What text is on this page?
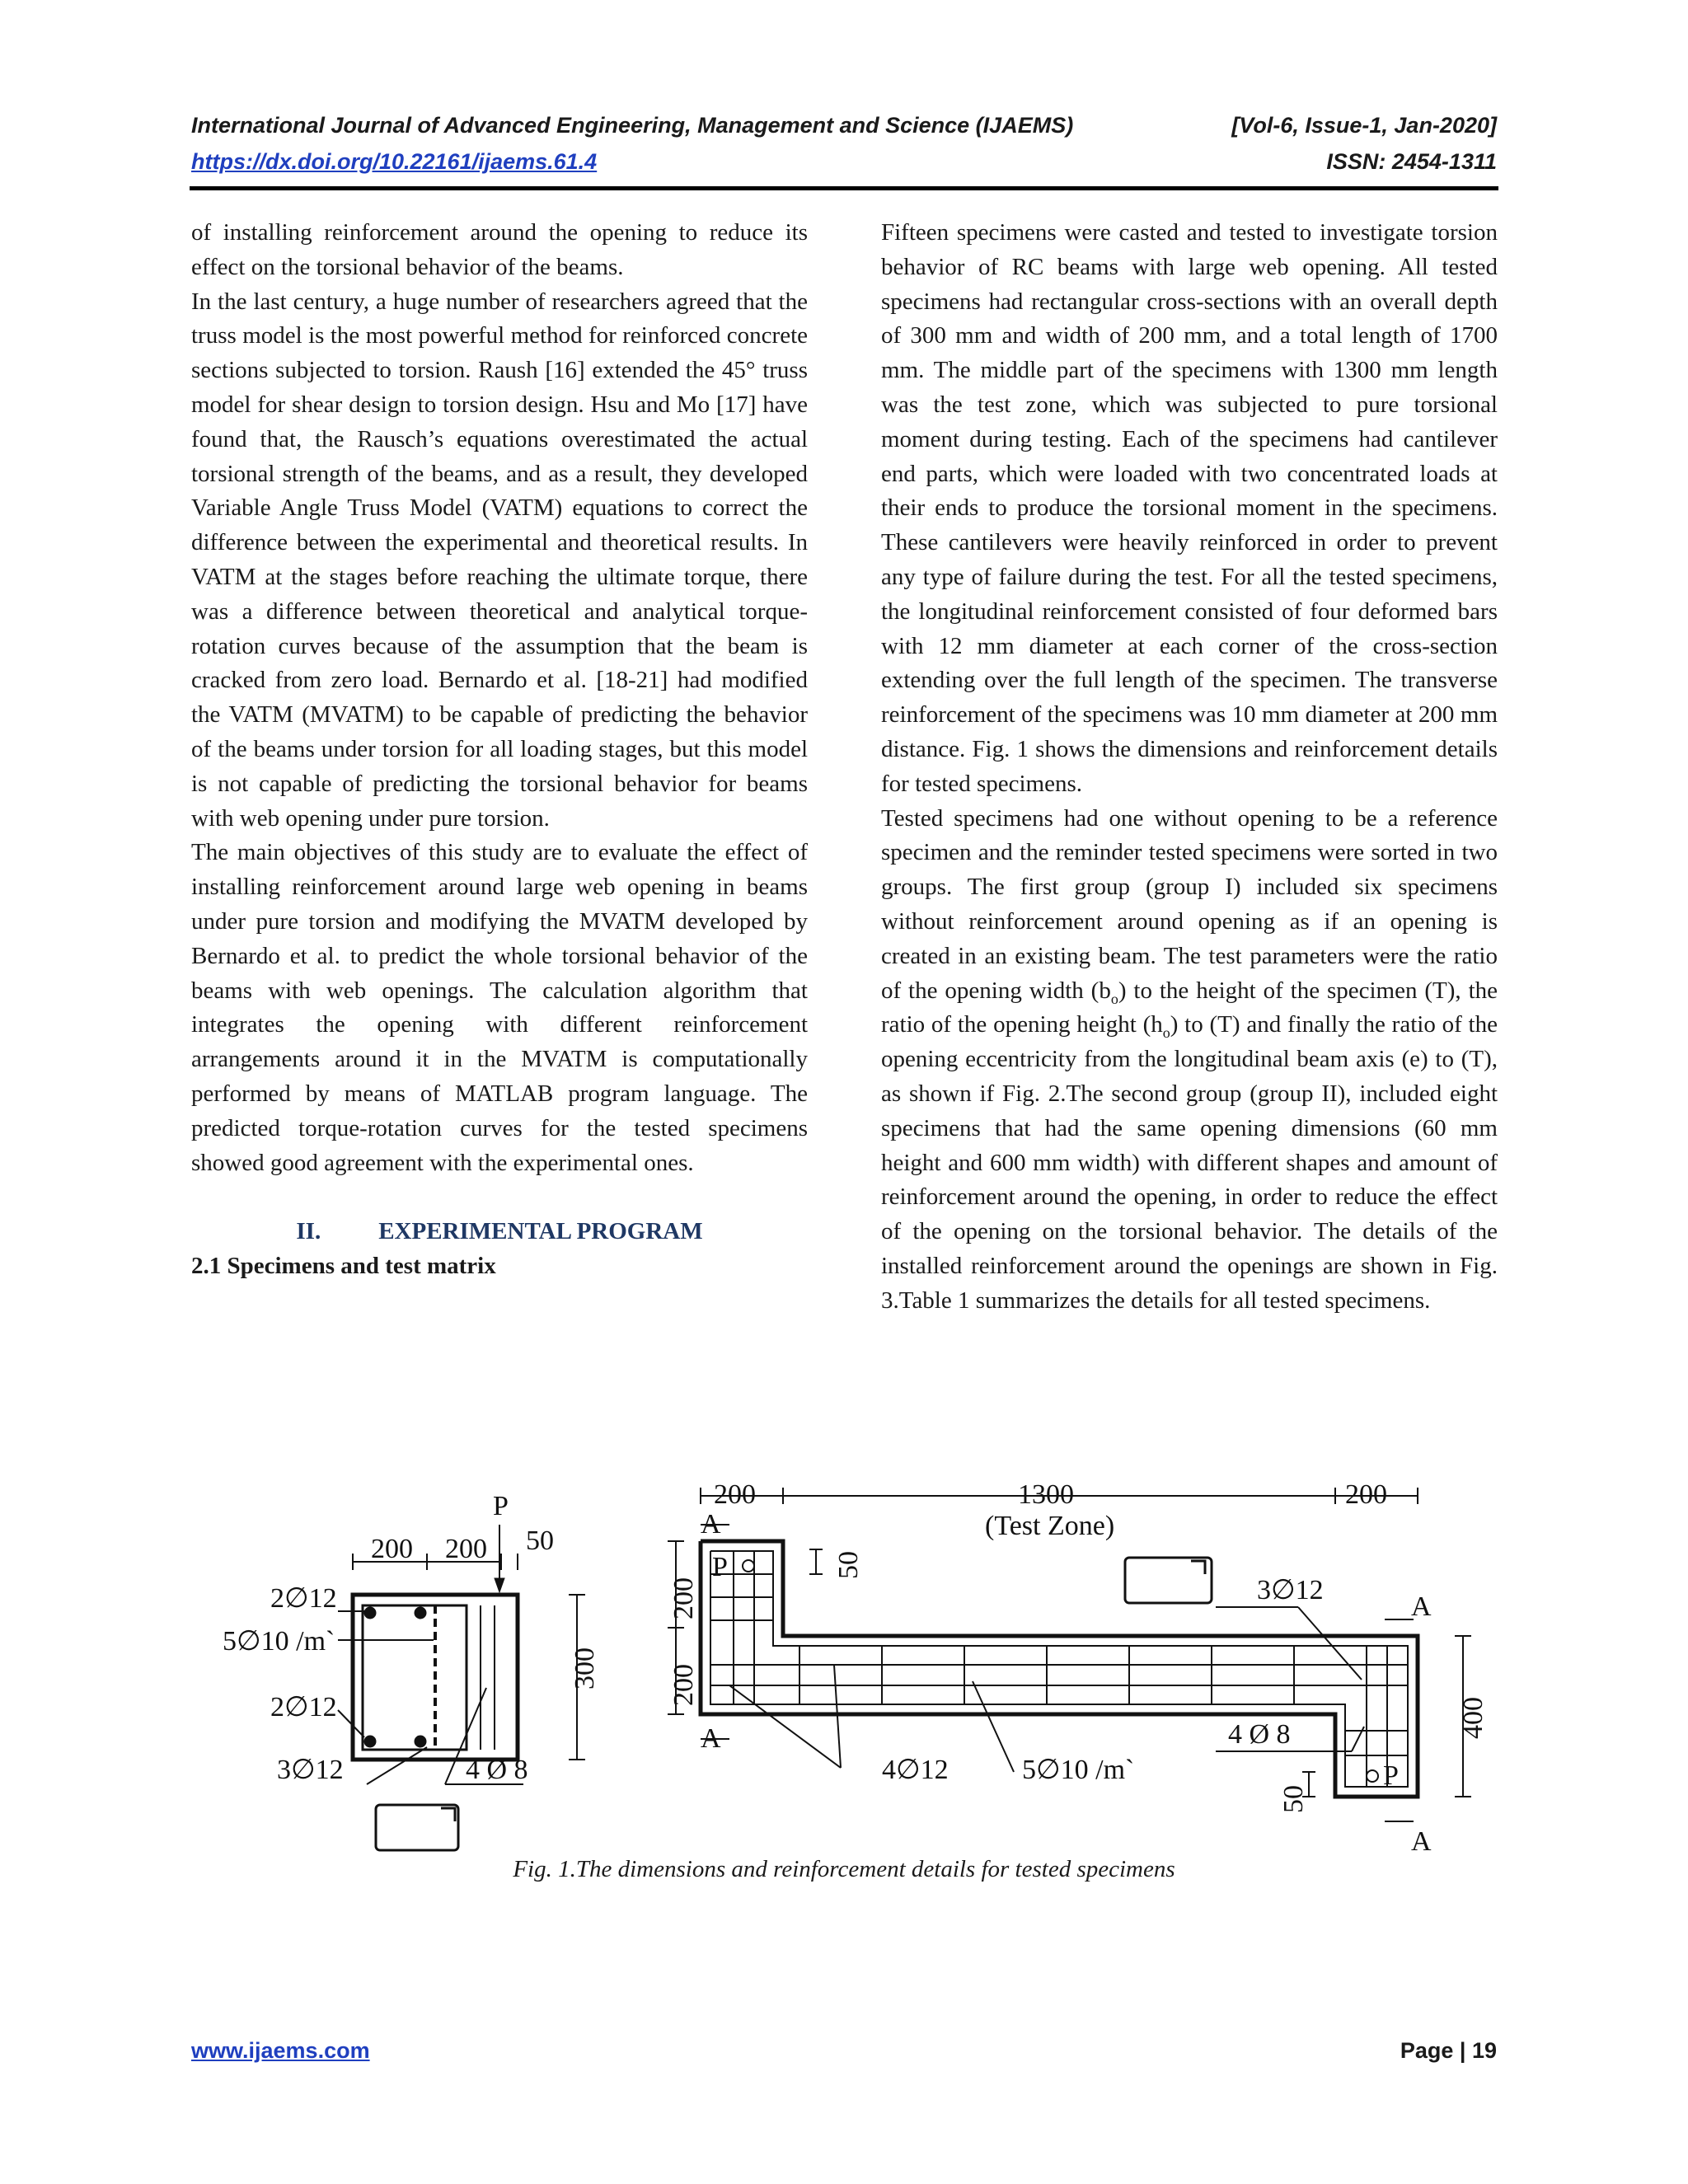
International Journal of Advanced Engineering, Management and Science (IJAEMS)	[Vol-6, Issue-1, Jan-2020]
https://dx.doi.org/10.22161/ijaems.61.4	ISSN: 2454-1311

of installing reinforcement around the opening to reduce its effect on the torsional behavior of the beams.

In the last century, a huge number of researchers agreed that the truss model is the most powerful method for reinforced concrete sections subjected to torsion. Raush [16] extended the 45° truss model for shear design to torsion design. Hsu and Mo [17] have found that, the Rausch’s equations overestimated the actual torsional strength of the beams, and as a result, they developed Variable Angle Truss Model (VATM) equations to correct the difference between the experimental and theoretical results. In VATM at the stages before reaching the ultimate torque, there was a difference between theoretical and analytical torque-rotation curves because of the assumption that the beam is cracked from zero load. Bernardo et al. [18-21] had modified the VATM (MVATM) to be capable of predicting the behavior of the beams under torsion for all loading stages, but this model is not capable of predicting the torsional behavior for beams with web opening under pure torsion.

The main objectives of this study are to evaluate the effect of installing reinforcement around large web opening in beams under pure torsion and modifying the MVATM developed by Bernardo et al. to predict the whole torsional behavior of the beams with web openings. The calculation algorithm that integrates the opening with different reinforcement arrangements around it in the MVATM is computationally performed by means of MATLAB program language. The predicted torque-rotation curves for the tested specimens showed good agreement with the experimental ones.

II. EXPERIMENTAL PROGRAM

2.1 Specimens and test matrix

Fifteen specimens were casted and tested to investigate torsion behavior of RC beams with large web opening. All tested specimens had rectangular cross-sections with an overall depth of 300 mm and width of 200 mm, and a total length of 1700 mm. The middle part of the specimens with 1300 mm length was the test zone, which was subjected to pure torsional moment during testing. Each of the specimens had cantilever end parts, which were loaded with two concentrated loads at their ends to produce the torsional moment in the specimens. These cantilevers were heavily reinforced in order to prevent any type of failure during the test. For all the tested specimens, the longitudinal reinforcement consisted of four deformed bars with 12 mm diameter at each corner of the cross-section extending over the full length of the specimen. The transverse reinforcement of the specimens was 10 mm diameter at 200 mm distance. Fig. 1 shows the dimensions and reinforcement details for tested specimens.

Tested specimens had one without opening to be a reference specimen and the reminder tested specimens were sorted in two groups. The first group (group I) included six specimens without reinforcement around opening as if an opening is created in an existing beam. The test parameters were the ratio of the opening width $(b_o)$ to the height of the specimen (T), the ratio of the opening height $(h_o)$ to (T) and finally the ratio of the opening eccentricity from the longitudinal beam axis (e) to (T), as shown if Fig. 2.The second group (group II), included eight specimens that had the same opening dimensions (60 mm height and 600 mm width) with different shapes and amount of reinforcement around the opening, in order to reduce the effect of the opening on the torsional behavior. The details of the installed reinforcement around the openings are shown in Fig. 3.Table 1 summarizes the details for all tested specimens.

P
50
200 200
300
2∅12
5∅10 /m`
2∅12
3∅12	4 Ø 8
200	1300
(Test Zone)
200
A
A
A
A
P
P
50
200
200
3∅12
4 Ø 8
4∅12	5∅10 /m`
400
50
Fig. 1.The dimensions and reinforcement details for tested specimens
www.ijaems.com	Page | 19
